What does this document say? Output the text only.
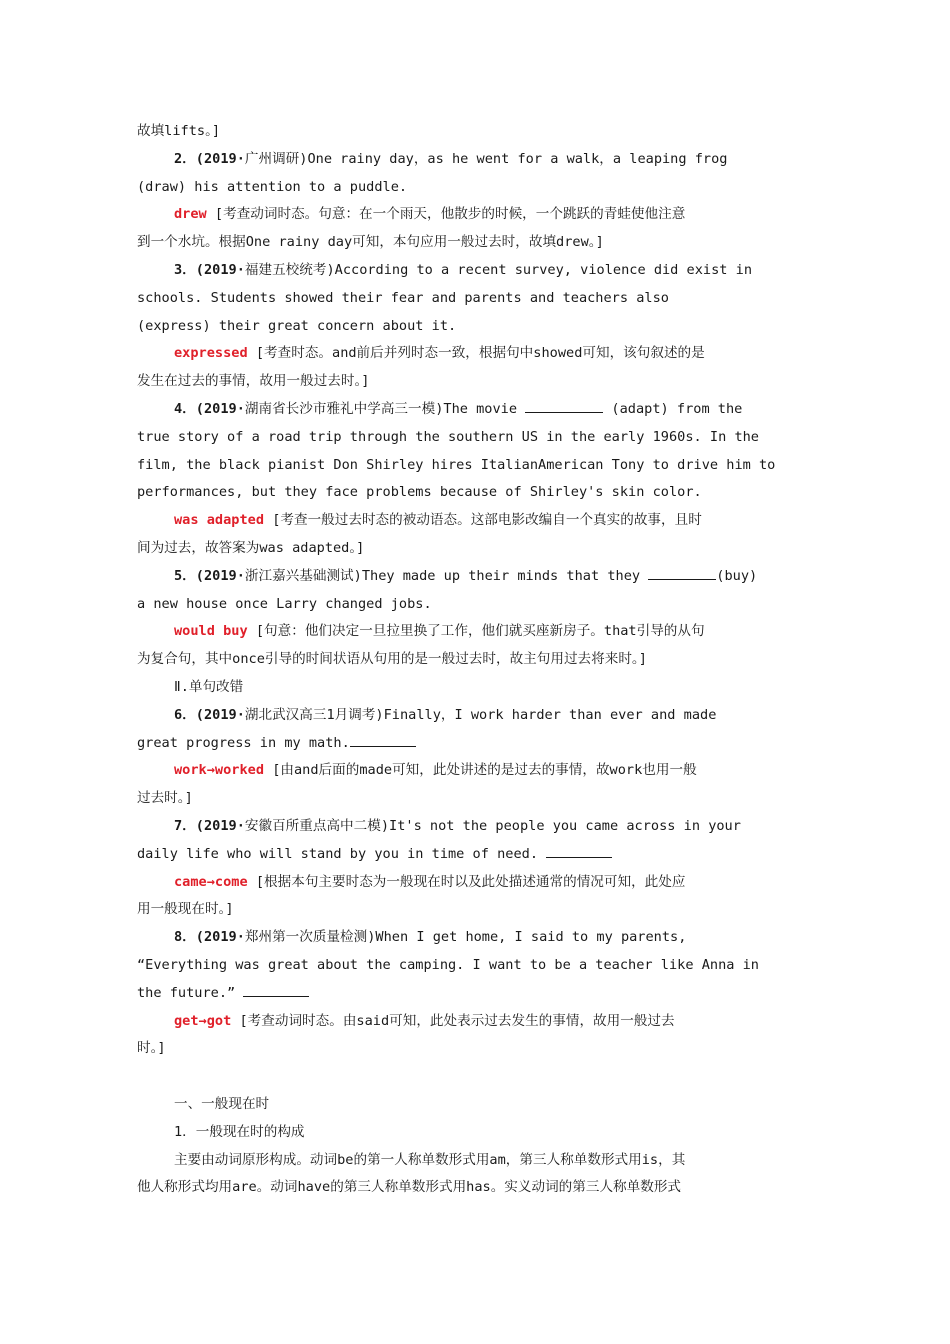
故填lifts。]

2．(2019·广州调研)One rainy day，as he went for a walk，a leaping frog

(draw) his attention to a puddle.

drew [考查动词时态。句意：在一个雨天，他散步的时候，一个跳跃的青蛙使他注意

到一个水坑。根据One rainy day可知，本句应用一般过去时，故填drew。]

3．(2019·福建五校统考)According to a recent survey, violence did exist in

schools. Students showed their fear and parents and teachers also

(express) their great concern about it.

expressed [考查时态。and前后并列时态一致，根据句中showed可知，该句叙述的是

发生在过去的事情，故用一般过去时。]

4．(2019·湖南省长沙市雅礼中学高三一模)The movie	(adapt) from the

true story of a road trip through the southern US in the early 1960s. In the

film, the black pianist Don Shirley hires ItalianAmerican Tony to drive him to

performances, but they face problems because of Shirley's skin color.

was adapted [考查一般过去时态的被动语态。这部电影改编自一个真实的故事，且时

间为过去，故答案为was adapted。]

5．(2019·浙江嘉兴基础测试)They made up their minds that they	(buy)

a new house once Larry changed jobs.

would buy [句意：他们决定一旦拉里换了工作，他们就买座新房子。that引导的从句

为复合句，其中once引导的时间状语从句用的是一般过去时，故主句用过去将来时。]

Ⅱ.单句改错

6．(2019·湖北武汉高三1月调考)Finally，I work harder than ever and made

great progress in my math.

work→worked [由and后面的made可知，此处讲述的是过去的事情，故work也用一般

过去时。]

7．(2019·安徽百所重点高中二模)It's not the people you came across in your

daily life who will stand by you in time of need.

came→come [根据本句主要时态为一般现在时以及此处描述通常的情况可知，此处应

用一般现在时。]

8．(2019·郑州第一次质量检测)When I get home, I said to my parents,

“Everything was great about the camping. I want to be a teacher like Anna in

the future.”

get→got [考查动词时态。由said可知，此处表示过去发生的事情，故用一般过去

时。]

一、一般现在时

1．一般现在时的构成

主要由动词原形构成。动词be的第一人称单数形式用am，第三人称单数形式用is，其

他人称形式均用are。动词have的第三人称单数形式用has。实义动词的第三人称单数形式
